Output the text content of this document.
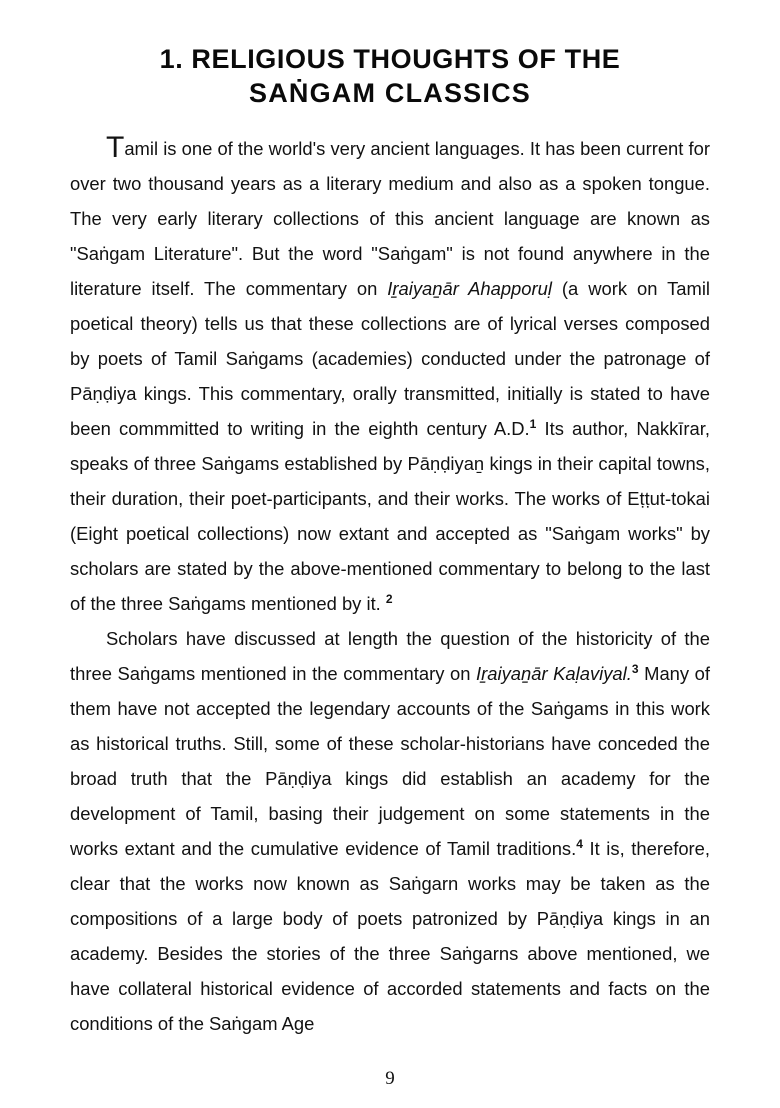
1. RELIGIOUS THOUGHTS OF THE
SAṄGAM CLASSICS

Tamil is one of the world's very ancient languages. It has been current for over two thousand years as a literary medium and also as a spoken tongue. The very early literary collections of this ancient language are known as "Saṅgam Literature". But the word "Saṅgam" is not found anywhere in the literature itself. The commentary on Iṟaiyaṉār Ahapporuḷ (a work on Tamil poetical theory) tells us that these collections are of lyrical verses composed by poets of Tamil Saṅgams (academies) conducted under the patronage of Pāṇḍiya kings. This commentary, orally transmitted, initially is stated to have been commmitted to writing in the eighth century A.D.$^1$ Its author, Nakkīrar, speaks of three Saṅgams established by Pāṇḍiyaṉ kings in their capital towns, their duration, their poet-participants, and their works. The works of Eṭṭut-tokai (Eight poetical collections) now extant and accepted as "Saṅgam works" by scholars are stated by the above-mentioned commentary to belong to the last of the three Saṅgams mentioned by it. $^2$

Scholars have discussed at length the question of the historicity of the three Saṅgams mentioned in the commentary on Iṟaiyaṉār Kaḷaviyal.$^3$ Many of them have not accepted the legendary accounts of the Saṅgams in this work as historical truths. Still, some of these scholar-historians have conceded the broad truth that the Pāṇḍiya kings did establish an academy for the development of Tamil, basing their judgement on some statements in the works extant and the cumulative evidence of Tamil traditions.$^4$ It is, therefore, clear that the works now known as Saṅgarn works may be taken as the compositions of a large body of poets patronized by Pāṇḍiya kings in an academy. Besides the stories of the three Saṅgarns above mentioned, we have collateral historical evidence of accorded statements and facts on the conditions of the Saṅgam Age

9
